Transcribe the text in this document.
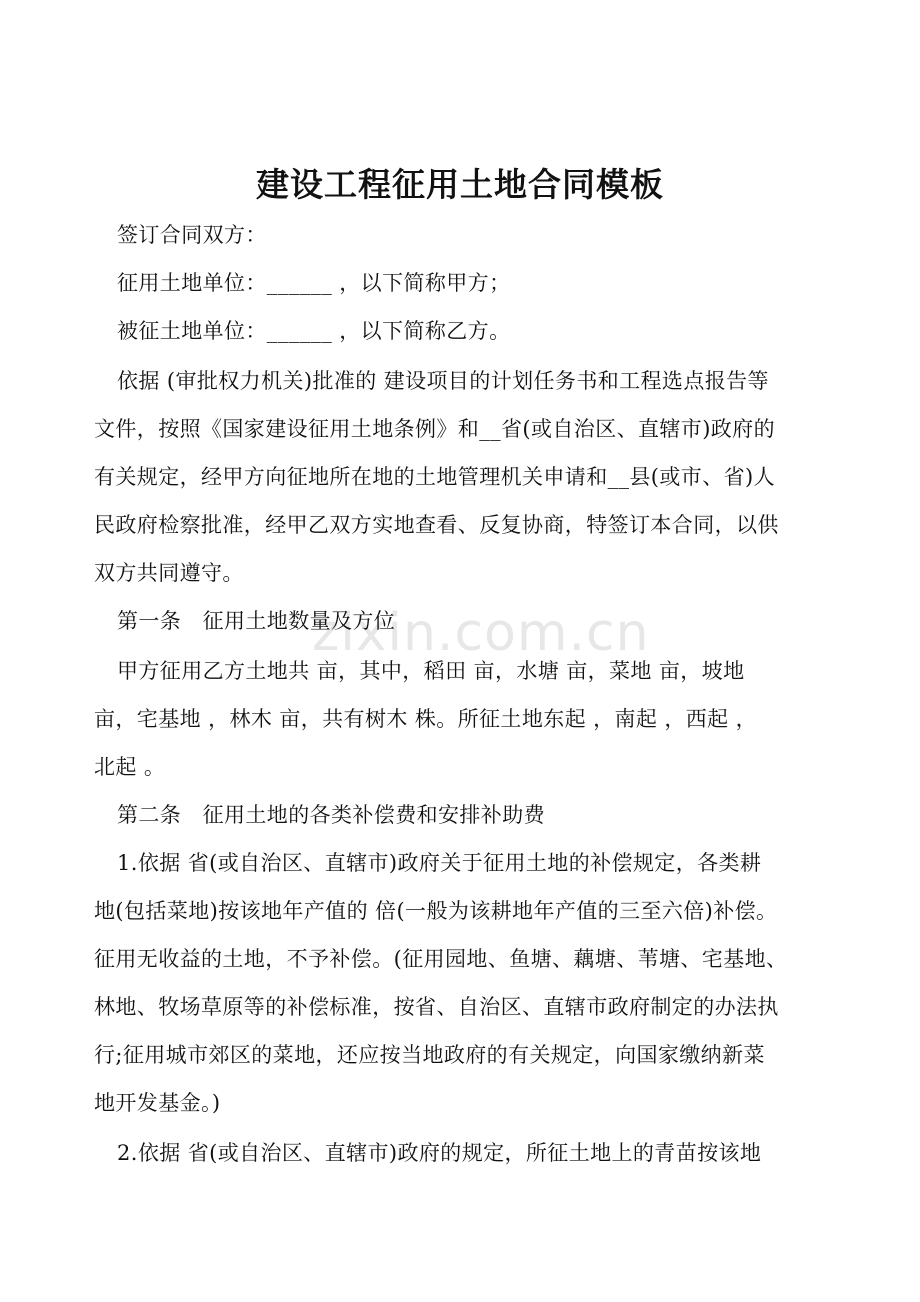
zixin.com.cn
建设工程征用土地合同模板
签订合同双方：
征用土地单位：______ ，以下简称甲方；
被征土地单位：______ ，以下简称乙方。
依据 (审批权力机关)批准的 建设项目的计划任务书和工程选点报告等
文件，按照《国家建设征用土地条例》和__省(或自治区、直辖市)政府的
有关规定，经甲方向征地所在地的土地管理机关申请和__县(或市、省)人
民政府检察批准，经甲乙双方实地查看、反复协商，特签订本合同，以供
双方共同遵守。
第一条　征用土地数量及方位
甲方征用乙方土地共 亩，其中，稻田 亩，水塘 亩，菜地 亩，坡地
亩，宅基地 ，林木 亩，共有树木 株。所征土地东起 ，南起 ，西起 ，
北起 。
第二条　征用土地的各类补偿费和安排补助费
1.依据 省(或自治区、直辖市)政府关于征用土地的补偿规定，各类耕
地(包括菜地)按该地年产值的 倍(一般为该耕地年产值的三至六倍)补偿。
征用无收益的土地，不予补偿。(征用园地、鱼塘、藕塘、苇塘、宅基地、
林地、牧场草原等的补偿标准，按省、自治区、直辖市政府制定的办法执
行;征用城市郊区的菜地，还应按当地政府的有关规定，向国家缴纳新菜
地开发基金。)
2.依据 省(或自治区、直辖市)政府的规定，所征土地上的青苗按该地
